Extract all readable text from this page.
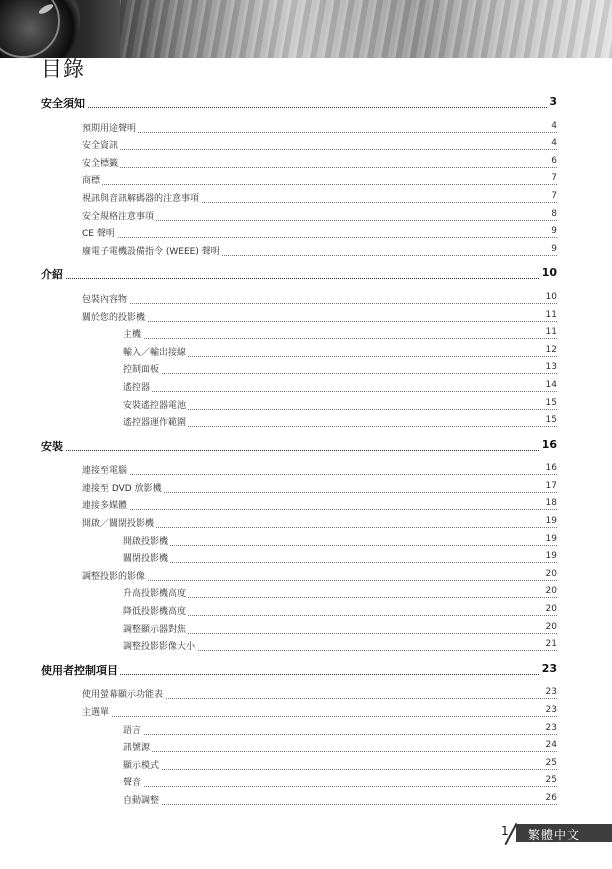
目錄
安全須知	3
預期用途聲明	4
安全資訊	4
安全標籤	6
商標	7
視訊與音訊解碼器的注意事項	7
安全規格注意事項	8
CE 聲明	9
廢電子電機設備指令 (WEEE) 聲明	9
介紹	10
包裝內容物	10
關於您的投影機	11
主機	11
輸入／輸出接線	12
控制面板	13
遙控器	14
安裝遙控器電池	15
遙控器運作範圍	15
安裝	16
連接至電腦	16
連接至 DVD 放影機	17
連接多媒體	18
開啟／關閉投影機	19
開啟投影機	19
關閉投影機	19
調整投影的影像	20
升高投影機高度	20
降低投影機高度	20
調整顯示器對焦	20
調整投影影像大小	21
使用者控制項目	23
使用螢幕顯示功能表	23
主選單	23
語言	23
訊號源	24
顯示模式	25
聲音	25
自動調整	26
1 繁體中文
